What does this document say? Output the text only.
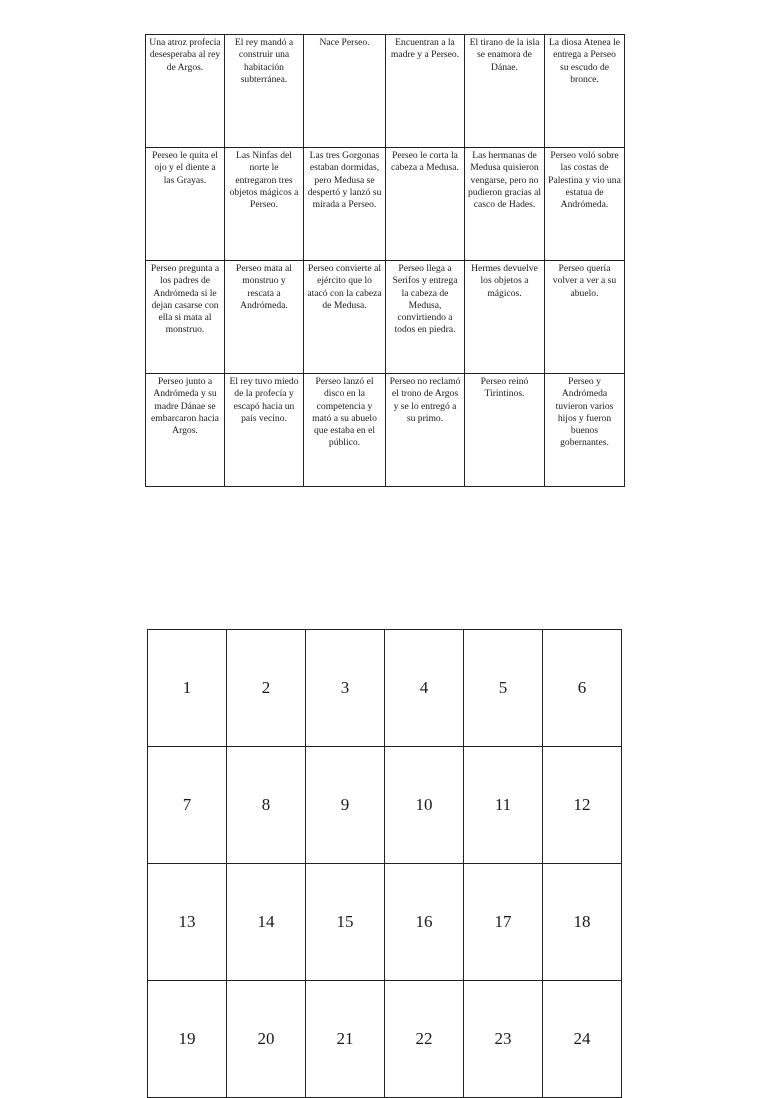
Una atroz profecía desesperaba al rey de Argos.	El rey mandó a construir una habitación subterránea.	Nace Perseo.	Encuentran a la madre y a Perseo.	El tirano de la isla se enamora de Dánae.	La diosa Atenea le entrega a Perseo su escudo de bronce.
Perseo le quita el ojo y el diente a las Grayas.	Las Ninfas del norte le entregaron tres objetos mágicos a Perseo.	Las tres Gorgonas estaban dormidas, pero Medusa se despertó y lanzó su mirada a Perseo.	Perseo le corta la cabeza a Medusa.	Las hermanas de Medusa quisieron vengarse, pero no pudieron gracias al casco de Hades.	Perseo voló sobre las costas de Palestina y vio una estatua de Andrómeda.
Perseo pregunta a los padres de Andrómeda si le dejan casarse con ella si mata al monstruo.	Perseo mata al monstruo y rescata a Andrómeda.	Perseo convierte al ejército que lo atacó con la cabeza de Medusa.	Perseo llega a Serifos y entrega la cabeza de Medusa, convirtiendo a todos en piedra.	Hermes devuelve los objetos a mágicos.	Perseo quería volver a ver a su abuelo.
Perseo junto a Andrómeda y su madre Dánae se embarcaron hacia Argos.	El rey tuvo miedo de la profecía y escapó hacia un país vecino.	Perseo lanzó el disco en la competencia y mató a su abuelo que estaba en el público.	Perseo no reclamó el trono de Argos y se lo entregó a su primo.	Perseo reinó Tirintinos.	Perseo y Andrómeda tuvieron varios hijos y fueron buenos gobernantes.
1	2	3	4	5	6
7	8	9	10	11	12
13	14	15	16	17	18
19	20	21	22	23	24
